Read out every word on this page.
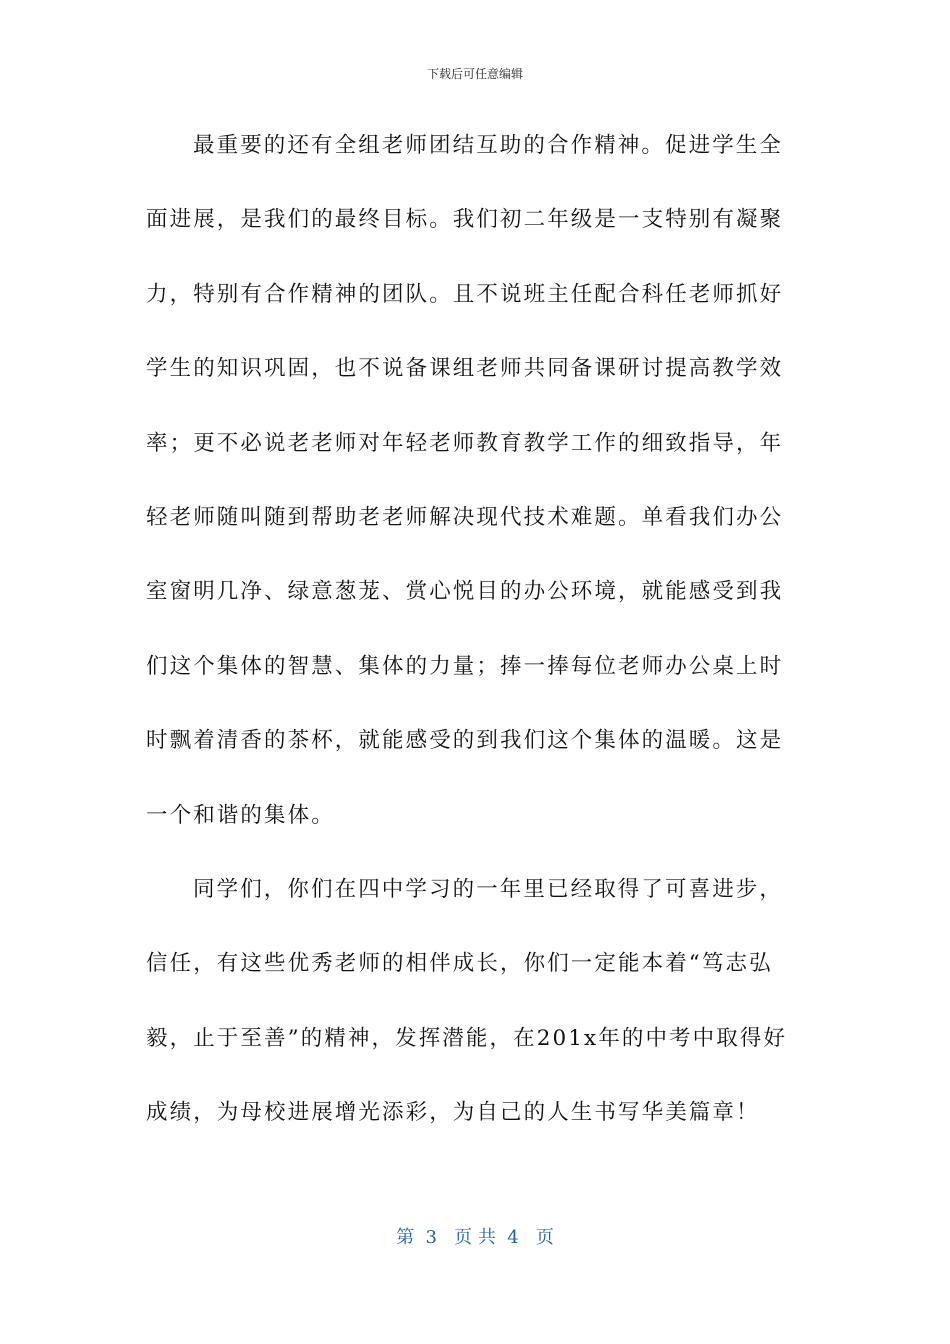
下载后可任意编辑
最重要的还有全组老师团结互助的合作精神。促进学生全
面进展，是我们的最终目标。我们初二年级是一支特别有凝聚
力，特别有合作精神的团队。且不说班主任配合科任老师抓好
学生的知识巩固，也不说备课组老师共同备课研讨提高教学效
率；更不必说老老师对年轻老师教育教学工作的细致指导，年
轻老师随叫随到帮助老老师解决现代技术难题。单看我们办公
室窗明几净、绿意葱茏、赏心悦目的办公环境，就能感受到我
们这个集体的智慧、集体的力量；捧一捧每位老师办公桌上时
时飘着清香的茶杯，就能感受的到我们这个集体的温暖。这是
一个和谐的集体。
同学们，你们在四中学习的一年里已经取得了可喜进步，
信任，有这些优秀老师的相伴成长，你们一定能本着“笃志弘
毅，止于至善”的精神，发挥潜能，在201x年的中考中取得好
成绩，为母校进展增光添彩，为自己的人生书写华美篇章！
第  3   页 共  4   页
